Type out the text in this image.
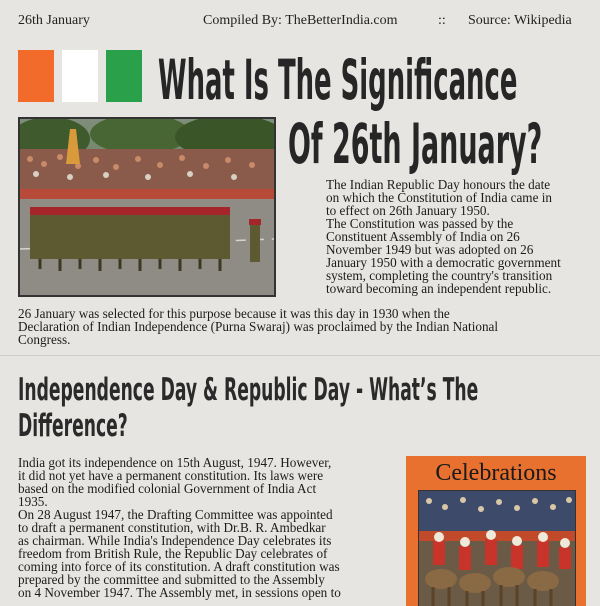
26th January	Compiled By: TheBetterIndia.com	:: Source: Wikipedia
What Is The Significance
Of 26th January?
The Indian Republic Day honours the date
on which the Constitution of India came in
to effect on 26th January 1950.
The Constitution was passed by the
Constituent Assembly of India on 26
November 1949 but was adopted on 26
January 1950 with a democratic government
system, completing the country's transition
toward becoming an independent republic.
26 January was selected for this purpose because it was this day in 1930 when the
Declaration of Indian Independence (Purna Swaraj) was proclaimed by the Indian National
Congress.
Independence Day & Republic Day - What’s The
Difference?
India got its independence on 15th August, 1947. However,
it did not yet have a permanent constitution. Its laws were
based on the modified colonial Government of India Act
1935.
On 28 August 1947, the Drafting Committee was appointed
to draft a permanent constitution, with Dr.B. R. Ambedkar
as chairman. While India's Independence Day celebrates its
freedom from British Rule, the Republic Day celebrates of
coming into force of its constitution. A draft constitution was
prepared by the committee and submitted to the Assembly
on 4 November 1947. The Assembly met, in sessions open to
Celebrations
